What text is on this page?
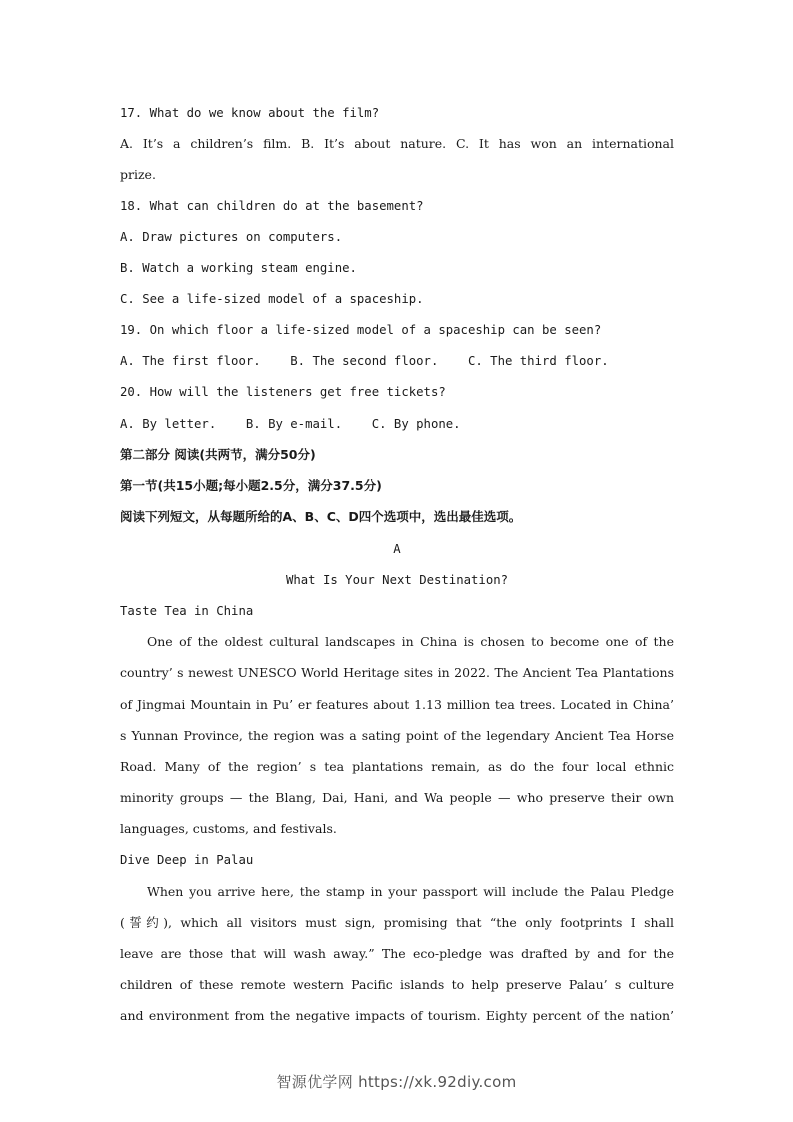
17. What do we know about the film?
A. It’s a children’s film. B. It’s about nature. C. It has won an international
prize.
18. What can children do at the basement?
A. Draw pictures on computers.
B. Watch a working steam engine.
C. See a life-sized model of a spaceship.
19. On which floor a life-sized model of a spaceship can be seen?
A. The first floor.    B. The second floor.    C. The third floor.
20. How will the listeners get free tickets?
A. By letter.    B. By e-mail.    C. By phone.
第二部分 阅读(共两节，满分50分)
第一节(共15小题;每小题2.5分，满分37.5分)
阅读下列短文，从每题所给的A、B、C、D四个选项中，选出最佳选项。
A
What Is Your Next Destination?
Taste Tea in China
One of the oldest cultural landscapes in China is chosen to become one of the
country’ s newest UNESCO World Heritage sites in 2022. The Ancient Tea Plantations
of Jingmai Mountain in Pu’ er features about 1.13 million tea trees. Located in China’
s Yunnan Province, the region was a sating point of the legendary Ancient Tea Horse
Road. Many of the region’ s tea plantations remain, as do the four local ethnic
minority groups — the Blang, Dai, Hani, and Wa people — who preserve their own
languages, customs, and festivals.
Dive Deep in Palau
When you arrive here, the stamp in your passport will include the Palau Pledge
(誓约), which all visitors must sign, promising that “the only footprints I shall
leave are those that will wash away.” The eco-pledge was drafted by and for the
children of these remote western Pacific islands to help preserve Palau’ s culture
and environment from the negative impacts of tourism. Eighty percent of the nation’
智源优学网 https://xk.92diy.com
